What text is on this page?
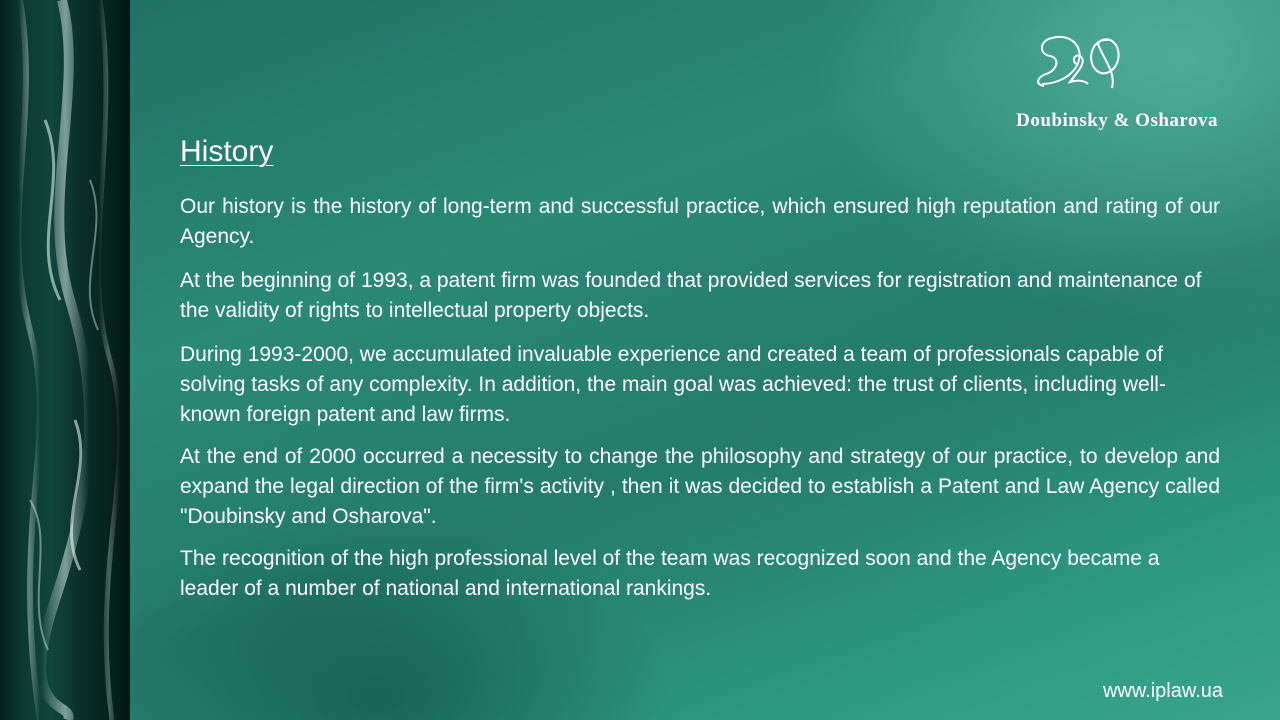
Doubinsky & Osharova
History

Our history is the history of long-term and successful practice, which ensured high reputation and rating of our Agency.

At the beginning of 1993, a patent firm was founded that provided services for registration and maintenance of the validity of rights to intellectual property objects.

During 1993-2000, we accumulated invaluable experience and created a team of professionals capable of solving tasks of any complexity. In addition, the main goal was achieved: the trust of clients, including well-known foreign patent and law firms.

At the end of 2000 occurred a necessity to change the philosophy and strategy of our practice, to develop and expand the legal direction of the firm's activity , then it was decided to establish a Patent and Law Agency called "Doubinsky and Osharova".

The recognition of the high professional level of the team was recognized soon and the Agency became a leader of a number of national and international rankings.

www.iplaw.ua
